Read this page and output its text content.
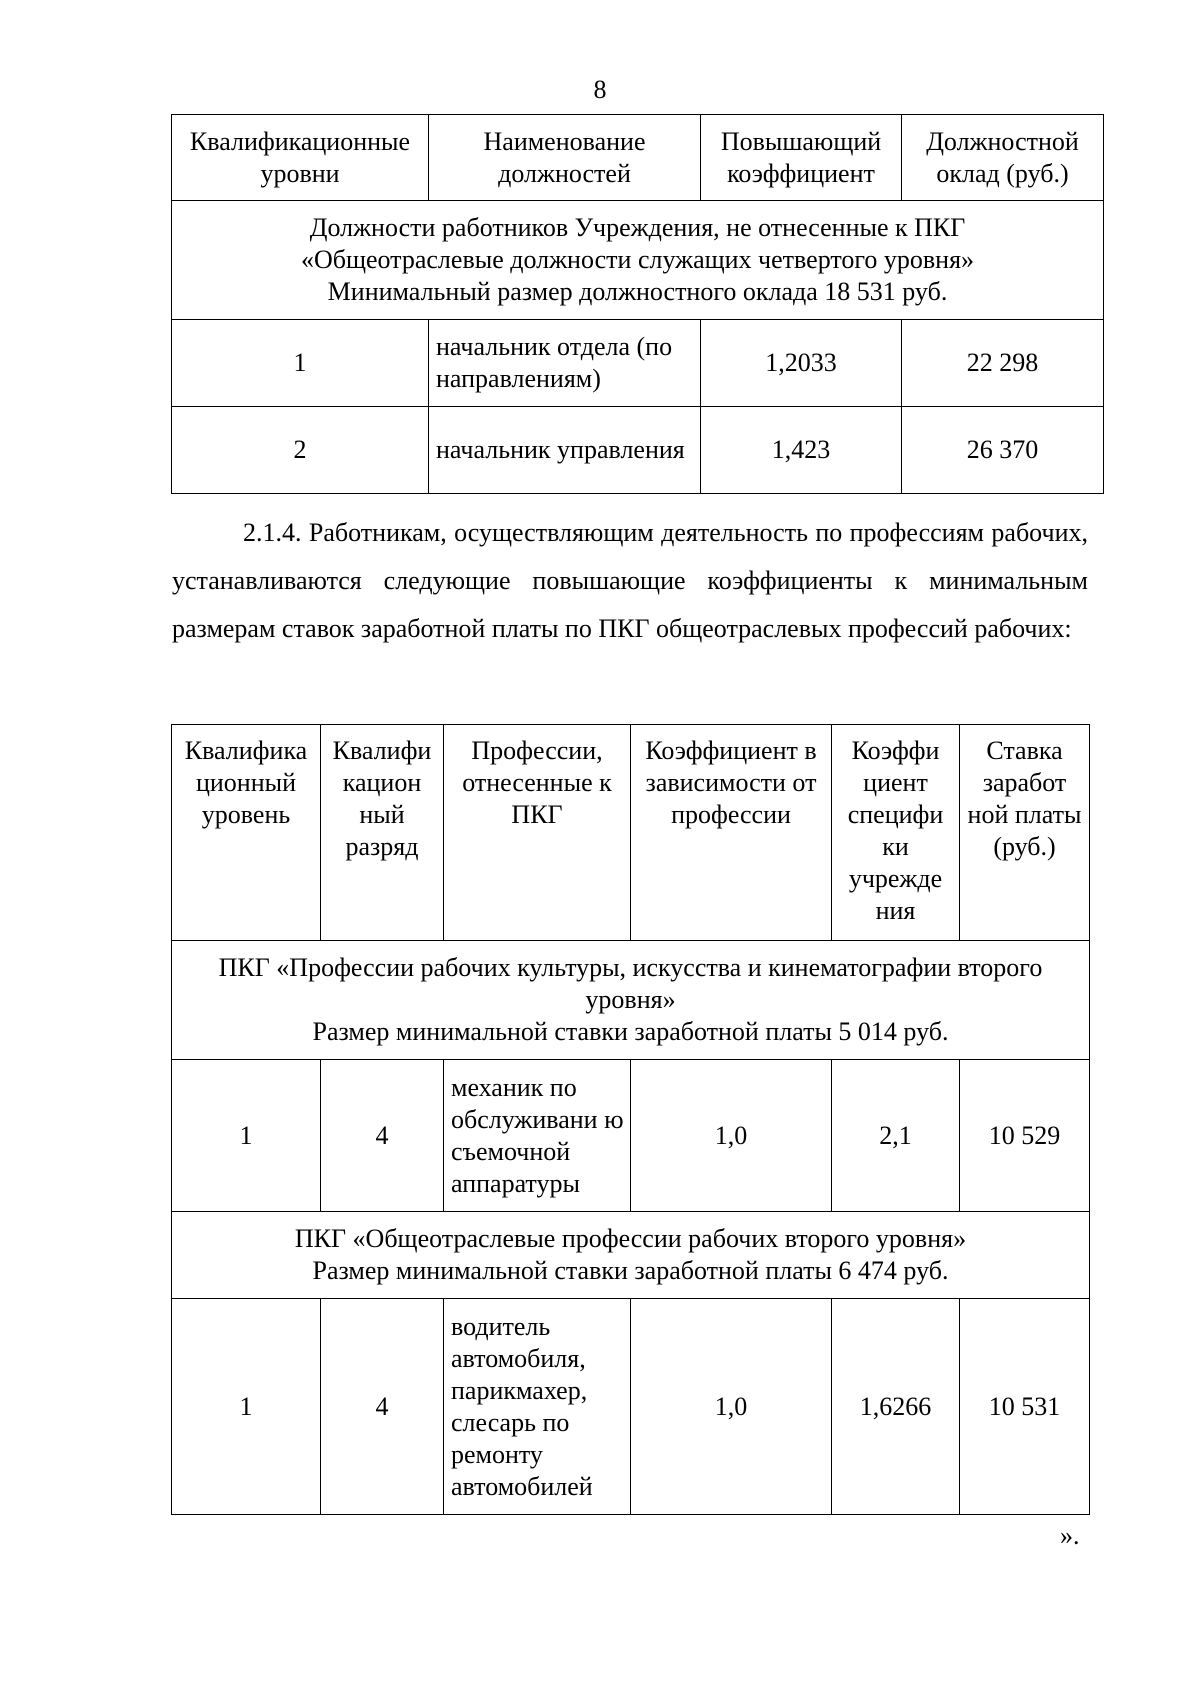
8
Квалификационные уровни	Наименование должностей	Повышающий коэффициент	Должностной оклад (руб.)

Должности работников Учреждения, не отнесенные к ПКГ
«Общеотраслевые должности служащих четвертого уровня»
Минимальный размер должностного оклада 18 531 руб.			

1	начальник отдела (по направлениям)	1,2033	22 298
2	начальник управления	1,423	26 370
2.1.4. Работникам, осуществляющим деятельность по профессиям рабочих, устанавливаются следующие повышающие коэффициенты к минимальным размерам ставок заработной платы по ПКГ общеотраслевых профессий рабочих:
Квалифика ционный уровень	Квалифи кацион ный разряд	Профессии, отнесенные к ПКГ	Коэффициент в зависимости от профессии	Коэффи циент специфи ки учрежде ния	Ставка заработ ной платы (руб.)

ПКГ «Профессии рабочих культуры, искусства и кинематографии второго уровня»
Размер минимальной ставки заработной платы 5 014 руб.					

1	4	механик по обслуживани ю съемочной аппаратуры	1,0	2,1	10 529

ПКГ «Общеотраслевые профессии рабочих второго уровня»
Размер минимальной ставки заработной платы 6 474 руб.					

1	4	водитель автомобиля, парикмахер, слесарь по ремонту автомобилей	1,0	1,6266	10 531
».
